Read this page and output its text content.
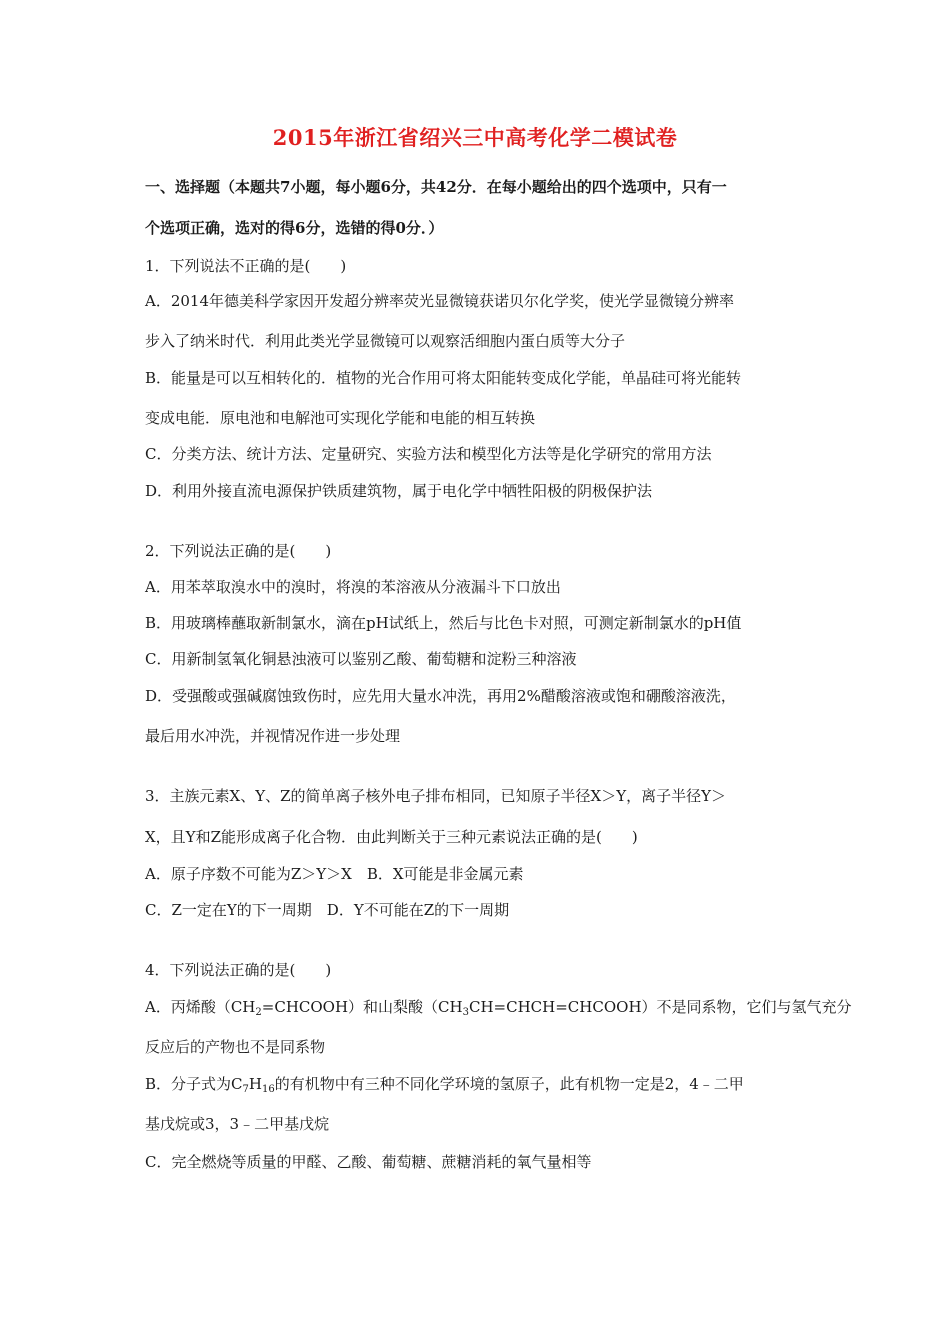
2015年浙江省绍兴三中高考化学二模试卷
一、选择题（本题共7小题，每小题6分，共42分．在每小题给出的四个选项中，只有一
个选项正确，选对的得6分，选错的得0分．）
1．下列说法不正确的是(　　)
A．2014年德美科学家因开发超分辨率荧光显微镜获诺贝尔化学奖，使光学显微镜分辨率
步入了纳米时代．利用此类光学显微镜可以观察活细胞内蛋白质等大分子
B．能量是可以互相转化的．植物的光合作用可将太阳能转变成化学能，单晶硅可将光能转
变成电能．原电池和电解池可实现化学能和电能的相互转换
C．分类方法、统计方法、定量研究、实验方法和模型化方法等是化学研究的常用方法
D．利用外接直流电源保护铁质建筑物，属于电化学中牺牲阳极的阴极保护法
2．下列说法正确的是(　　)
A．用苯萃取溴水中的溴时，将溴的苯溶液从分液漏斗下口放出
B．用玻璃棒蘸取新制氯水，滴在pH试纸上，然后与比色卡对照，可测定新制氯水的pH值
C．用新制氢氧化铜悬浊液可以鉴别乙酸、葡萄糖和淀粉三种溶液
D．受强酸或强碱腐蚀致伤时，应先用大量水冲洗，再用2%醋酸溶液或饱和硼酸溶液洗，
最后用水冲洗，并视情况作进一步处理
3．主族元素X、Y、Z的简单离子核外电子排布相同，已知原子半径X＞Y，离子半径Y＞
X，且Y和Z能形成离子化合物．由此判断关于三种元素说法正确的是(　　)
A．原子序数不可能为Z＞Y＞X　B．X可能是非金属元素
C．Z一定在Y的下一周期　D．Y不可能在Z的下一周期
4．下列说法正确的是(　　)
A．丙烯酸$(CH_2=CHCOOH)$和山梨酸$(CH_3CH=CHCH=CHCOOH)$不是同系物，它们与氢气充分
反应后的产物也不是同系物
B．分子式为$C_7H_{16}$的有机物中有三种不同化学环境的氢原子，此有机物一定是2，4﹣二甲
基戊烷或3，3﹣二甲基戊烷
C．完全燃烧等质量的甲醛、乙酸、葡萄糖、蔗糖消耗的氧气量相等
